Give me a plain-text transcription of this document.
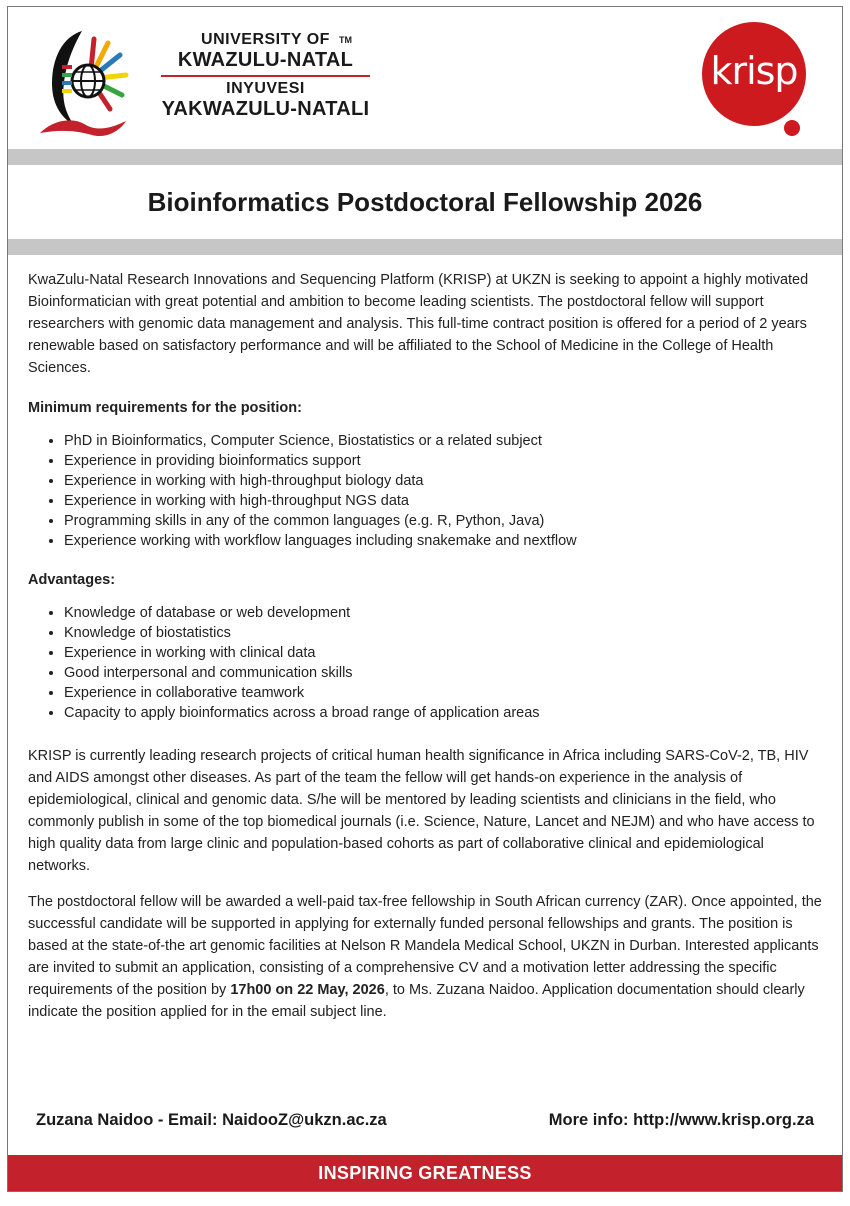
UNIVERSITY OF
KWAZULU-NATAL
INYUVESI
YAKWAZULU-NATALI
TM
krisp
Bioinformatics Postdoctoral Fellowship 2026

KwaZulu-Natal Research Innovations and Sequencing Platform (KRISP) at UKZN is seeking to appoint a highly motivated Bioinformatician with great potential and ambition to become leading scientists. The postdoctoral fellow will support researchers with genomic data management and analysis. This full-time contract position is offered for a period of 2 years renewable based on satisfactory performance and will be affiliated to the School of Medicine in the College of Health Sciences.

Minimum requirements for the position:
• PhD in Bioinformatics, Computer Science, Biostatistics or a related subject
• Experience in providing bioinformatics support
• Experience in working with high-throughput biology data
• Experience in working with high-throughput NGS data
• Programming skills in any of the common languages (e.g. R, Python, Java)
• Experience working with workflow languages including snakemake and nextflow
Advantages:
• Knowledge of database or web development
• Knowledge of biostatistics
• Experience in working with clinical data
• Good interpersonal and communication skills
• Experience in collaborative teamwork
• Capacity to apply bioinformatics across a broad range of application areas

KRISP is currently leading research projects of critical human health significance in Africa including SARS-CoV-2, TB, HIV and AIDS amongst other diseases. As part of the team the fellow will get hands-on experience in the analysis of epidemiological, clinical and genomic data. S/he will be mentored by leading scientists and clinicians in the field, who commonly publish in some of the top biomedical journals (i.e. Science, Nature, Lancet and NEJM) and who have access to high quality data from large clinic and population-based cohorts as part of collaborative clinical and epidemiological networks.

The postdoctoral fellow will be awarded a well-paid tax-free fellowship in South African currency (ZAR). Once appointed, the successful candidate will be supported in applying for externally funded personal fellowships and grants. The position is based at the state-of-the art genomic facilities at Nelson R Mandela Medical School, UKZN in Durban. Interested applicants are invited to submit an application, consisting of a comprehensive CV and a motivation letter addressing the specific requirements of the position by 17h00 on 22 May, 2026, to Ms. Zuzana Naidoo. Application documentation should clearly indicate the position applied for in the email subject line.

Zuzana Naidoo - Email: NaidooZ@ukzn.ac.za	More info: http://www.krisp.org.za
INSPIRING GREATNESS
